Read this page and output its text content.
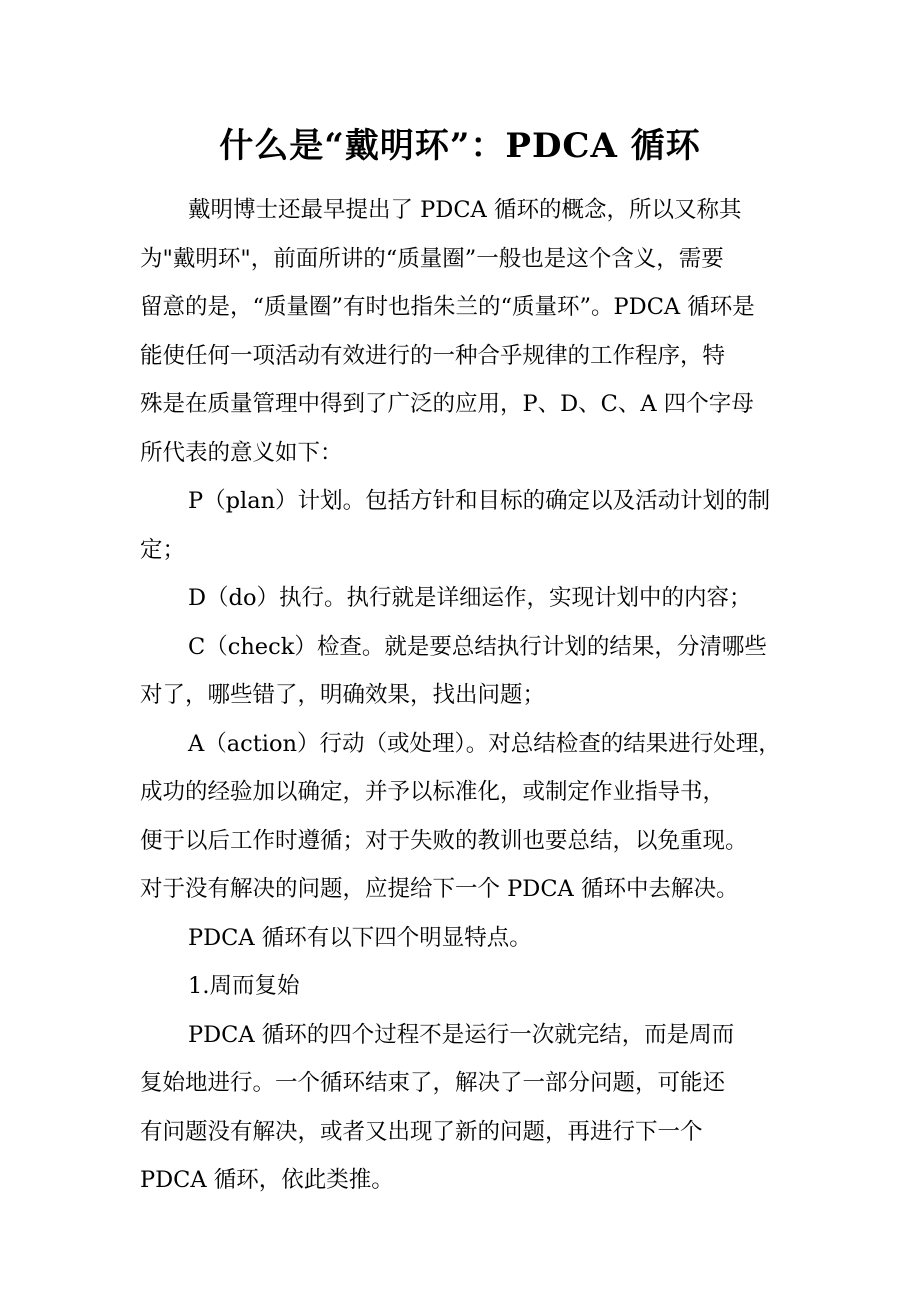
什么是“戴明环”：PDCA 循环
戴明博士还最早提出了 PDCA 循环的概念，所以又称其
为"戴明环"，前面所讲的“质量圈”一般也是这个含义，需要
留意的是，“质量圈”有时也指朱兰的“质量环”。PDCA 循环是
能使任何一项活动有效进行的一种合乎规律的工作程序，特
殊是在质量管理中得到了广泛的应用，P、D、C、A 四个字母
所代表的意义如下：
P（plan）计划。包括方针和目标的确定以及活动计划的制
定；
D（do）执行。执行就是详细运作，实现计划中的内容；
C（check）检查。就是要总结执行计划的结果，分清哪些
对了，哪些错了，明确效果，找出问题；
A（action）行动（或处理）。对总结检查的结果进行处理，
成功的经验加以确定，并予以标准化，或制定作业指导书，
便于以后工作时遵循；对于失败的教训也要总结，以免重现。
对于没有解决的问题，应提给下一个 PDCA 循环中去解决。
PDCA 循环有以下四个明显特点。
1.周而复始
PDCA 循环的四个过程不是运行一次就完结，而是周而
复始地进行。一个循环结束了，解决了一部分问题，可能还
有问题没有解决，或者又出现了新的问题，再进行下一个
PDCA 循环，依此类推。
